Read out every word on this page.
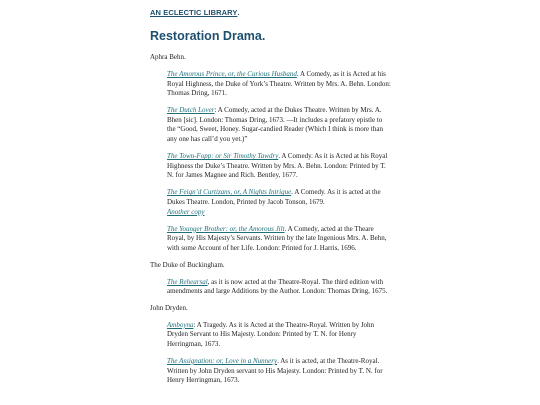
AN ECLECTIC LIBRARY.
Restoration Drama.

Aphra Behn.

The Amorous Prince, or, the Curious Husband. A Comedy, as it is Acted at his Royal Highness, the Duke of York’s Theatre. Written by Mrs. A. Behn. London: Thomas Dring, 1671.

The Dutch Lover: A Comedy, acted at the Dukes Theatre. Written by Mrs. A. Bhen [sic]. London: Thomas Dring, 1673. —It includes a prefatory epistle to the “Good, Sweet, Honey. Sugar-candied Reader (Which I think is more than any one has call’d you yet.)”

The Town-Fopp: or Sir Timothy Tawdry. A Comedy. As it is Acted at his Royal Highness the Duke’s Theatre. Written by Mrs. A. Behn. London: Printed by T. N. for James Magnee and Rich. Bentley, 1677.

The Feign’d Curtizans, or, A Nights Intrigue. A Comedy. As it is acted at the Dukes Theatre. London, Printed by Jacob Tonson, 1679.
Another copy

The Younger Brother: or, the Amorous Jilt. A Comedy, acted at the Theare Royal, by His Majesty’s Servants. Written by the late Ingenious Mrs. A. Behn, with some Account of her Life. London: Printed for J. Harris, 1696.

The Duke of Buckingham.

The Rehearsal, as it is now acted at the Theatre-Royal. The third edition with amendments and large Additions by the Author. London: Thomas Dring, 1675.

John Dryden.

Amboyna: A Tragedy. As it is Acted at the Theatre-Royal. Written by John Dryden Servant to His Majesty. London: Printed by T. N. for Henry Herringman, 1673.

The Assignation: or, Love in a Nunnery. As it is acted, at the Theatre-Royal. Written by John Dryden servant to His Majesty. London: Printed by T. N. for Henry Herringman, 1673.
